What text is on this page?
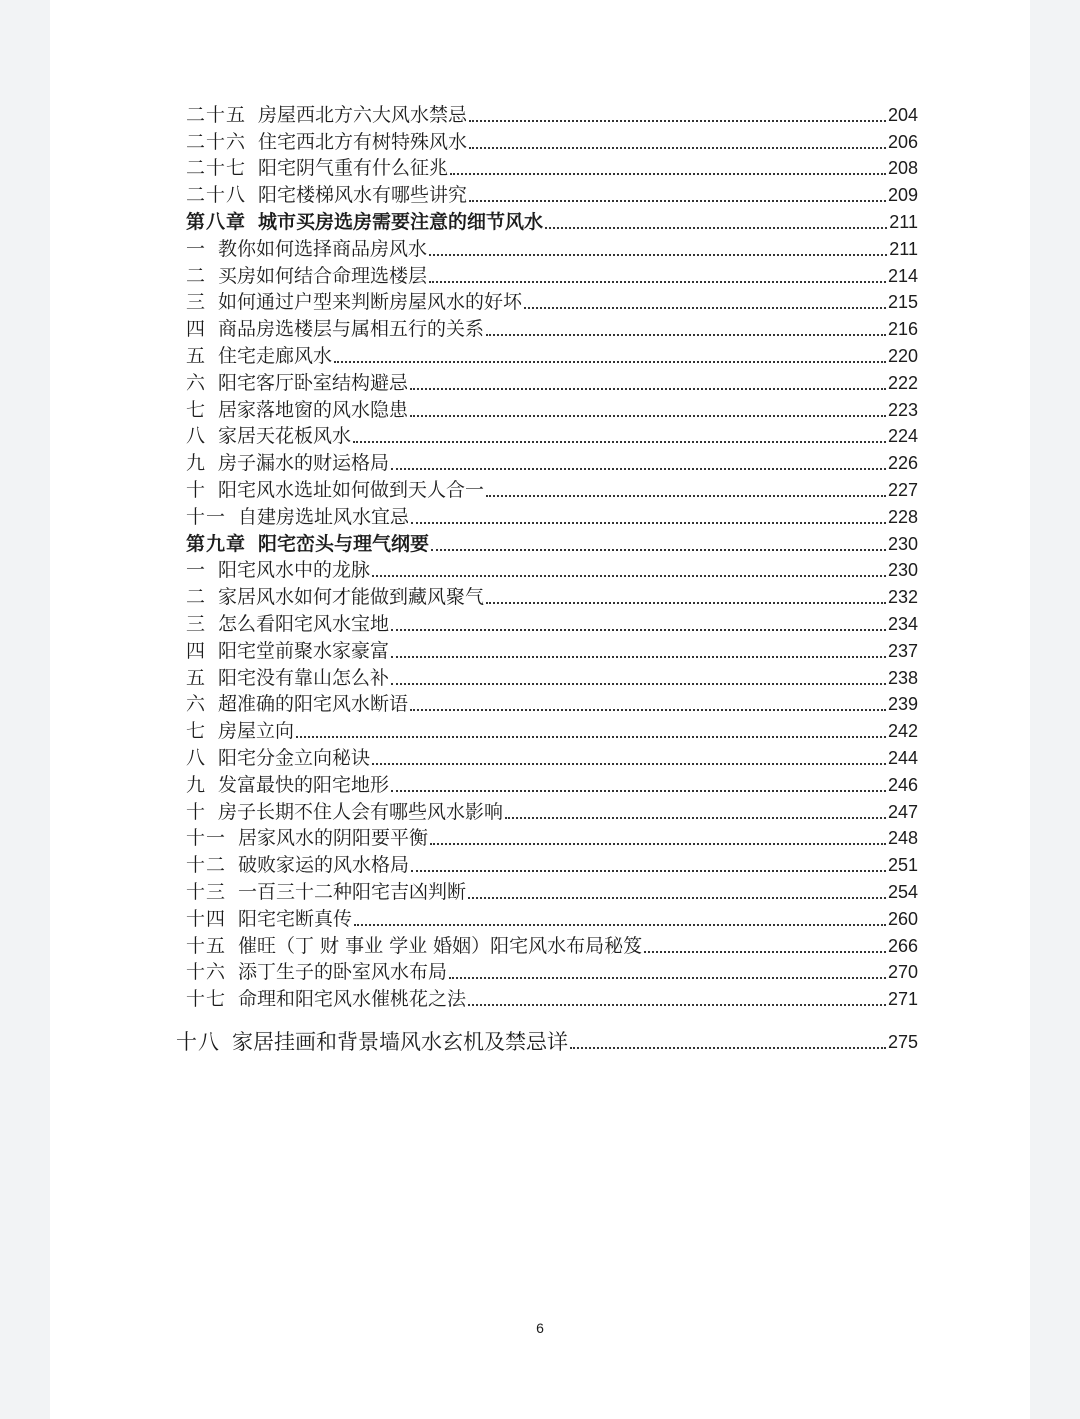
二十五 房屋西北方六大风水禁忌	204
二十六 住宅西北方有树特殊风水	206
二十七 阳宅阴气重有什么征兆	208
二十八 阳宅楼梯风水有哪些讲究	209
第八章 城市买房选房需要注意的细节风水	211
一 教你如何选择商品房风水	211
二 买房如何结合命理选楼层	214
三 如何通过户型来判断房屋风水的好坏	215
四 商品房选楼层与属相五行的关系	216
五 住宅走廊风水	220
六 阳宅客厅卧室结构避忌	222
七 居家落地窗的风水隐患	223
八 家居天花板风水	224
九 房子漏水的财运格局	226
十 阳宅风水选址如何做到天人合一	227
十一 自建房选址风水宜忌	228
第九章 阳宅峦头与理气纲要	230
一 阳宅风水中的龙脉	230
二 家居风水如何才能做到藏风聚气	232
三 怎么看阳宅风水宝地	234
四 阳宅堂前聚水家豪富	237
五 阳宅没有靠山怎么补	238
六 超准确的阳宅风水断语	239
七 房屋立向	242
八 阳宅分金立向秘诀	244
九 发富最快的阳宅地形	246
十 房子长期不住人会有哪些风水影响	247
十一 居家风水的阴阳要平衡	248
十二 破败家运的风水格局	251
十三 一百三十二种阳宅吉凶判断	254
十四 阳宅宅断真传	260
十五 催旺（丁 财 事业 学业 婚姻）阳宅风水布局秘笈	266
十六 添丁生子的卧室风水布局	270
十七 命理和阳宅风水催桃花之法	271
十八 家居挂画和背景墙风水玄机及禁忌详	275
6
